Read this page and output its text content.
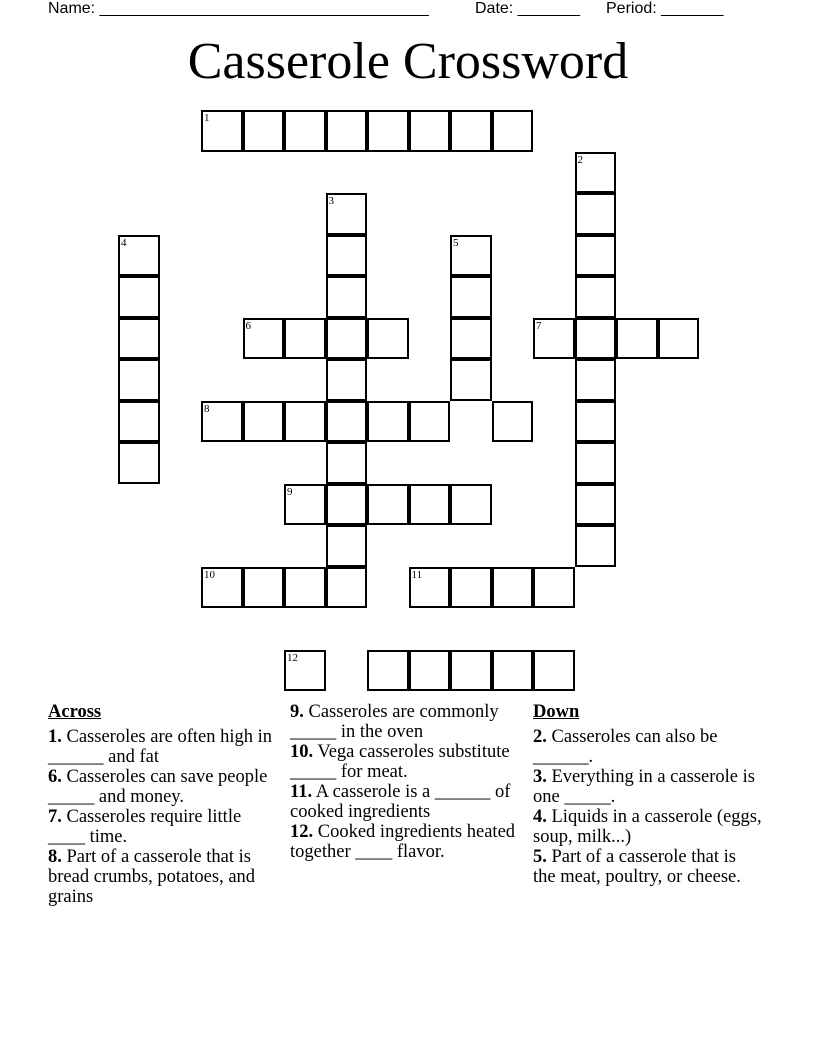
Name: _____________________________________	Date: _______ Period: _______
Casserole Crossword
1
2
3
4	5
6	7
8
9
10	11
12
Across
1. Casseroles are often high in ______ and fat
6. Casseroles can save people _____ and money.
7. Casseroles require little ____ time.
8. Part of a casserole that is bread crumbs, potatoes, and grains
9. Casseroles are commonly _____ in the oven
10. Vega casseroles substitute _____ for meat.
11. A casserole is a ______ of cooked ingredients
12. Cooked ingredients heated together ____ flavor.
Down
2. Casseroles can also be ______.
3. Everything in a casserole is one _____.
4. Liquids in a casserole (eggs, soup, milk...)
5. Part of a casserole that is the meat, poultry, or cheese.
